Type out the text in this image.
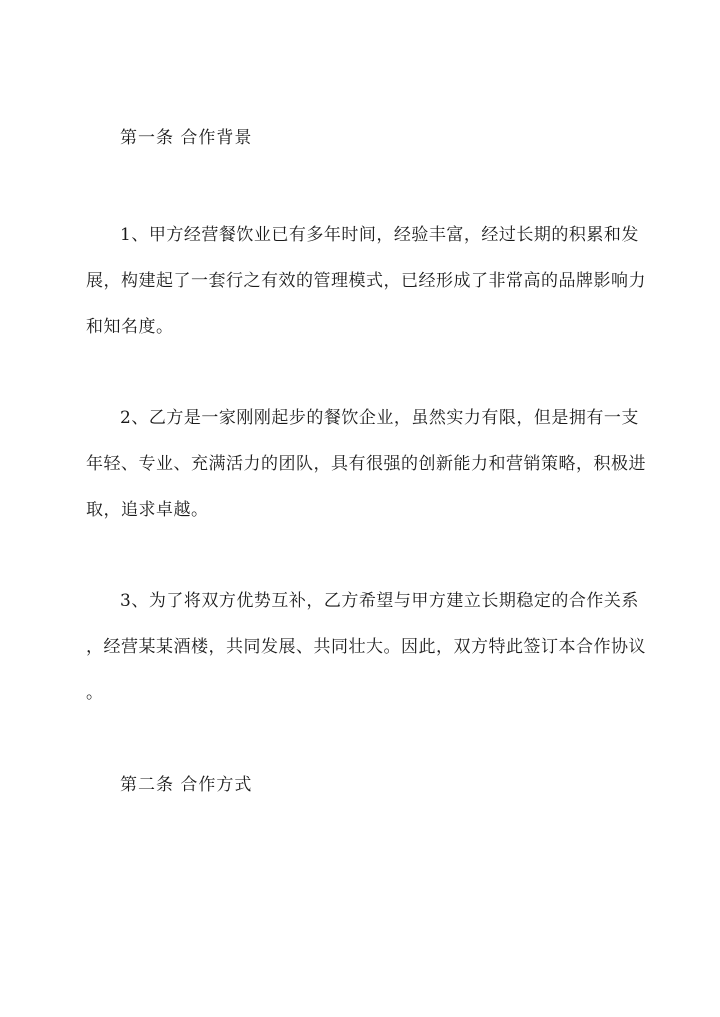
第一条 合作背景
1、甲方经营餐饮业已有多年时间，经验丰富，经过长期的积累和发
展，构建起了一套行之有效的管理模式，已经形成了非常高的品牌影响力
和知名度。
2、乙方是一家刚刚起步的餐饮企业，虽然实力有限，但是拥有一支
年轻、专业、充满活力的团队，具有很强的创新能力和营销策略，积极进
取，追求卓越。
3、为了将双方优势互补，乙方希望与甲方建立长期稳定的合作关系
，经营某某酒楼，共同发展、共同壮大。因此，双方特此签订本合作协议
。
第二条 合作方式
